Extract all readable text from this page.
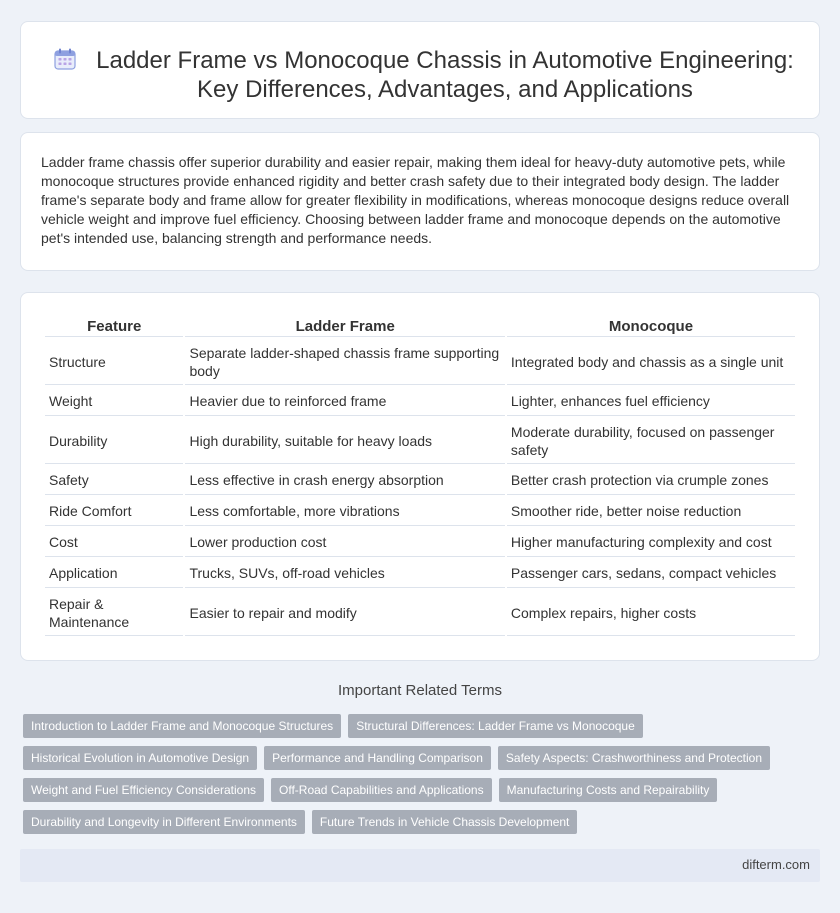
Ladder Frame vs Monocoque Chassis in Automotive Engineering: Key Differences, Advantages, and Applications

Ladder frame chassis offer superior durability and easier repair, making them ideal for heavy-duty automotive pets, while monocoque structures provide enhanced rigidity and better crash safety due to their integrated body design. The ladder frame's separate body and frame allow for greater flexibility in modifications, whereas monocoque designs reduce overall vehicle weight and improve fuel efficiency. Choosing between ladder frame and monocoque depends on the automotive pet's intended use, balancing strength and performance needs.

Feature	Ladder Frame	Monocoque
Structure	Separate ladder-shaped chassis frame supporting body	Integrated body and chassis as a single unit
Weight	Heavier due to reinforced frame	Lighter, enhances fuel efficiency
Durability	High durability, suitable for heavy loads	Moderate durability, focused on passenger safety
Safety	Less effective in crash energy absorption	Better crash protection via crumple zones
Ride Comfort	Less comfortable, more vibrations	Smoother ride, better noise reduction
Cost	Lower production cost	Higher manufacturing complexity and cost
Application	Trucks, SUVs, off-road vehicles	Passenger cars, sedans, compact vehicles
Repair & Maintenance	Easier to repair and modify	Complex repairs, higher costs
Important Related Terms
Introduction to Ladder Frame and Monocoque Structures	Structural Differences: Ladder Frame vs Monocoque
Historical Evolution in Automotive Design	Performance and Handling Comparison	Safety Aspects: Crashworthiness and Protection
Weight and Fuel Efficiency Considerations	Off-Road Capabilities and Applications	Manufacturing Costs and Repairability
Durability and Longevity in Different Environments	Future Trends in Vehicle Chassis Development
difterm.com
